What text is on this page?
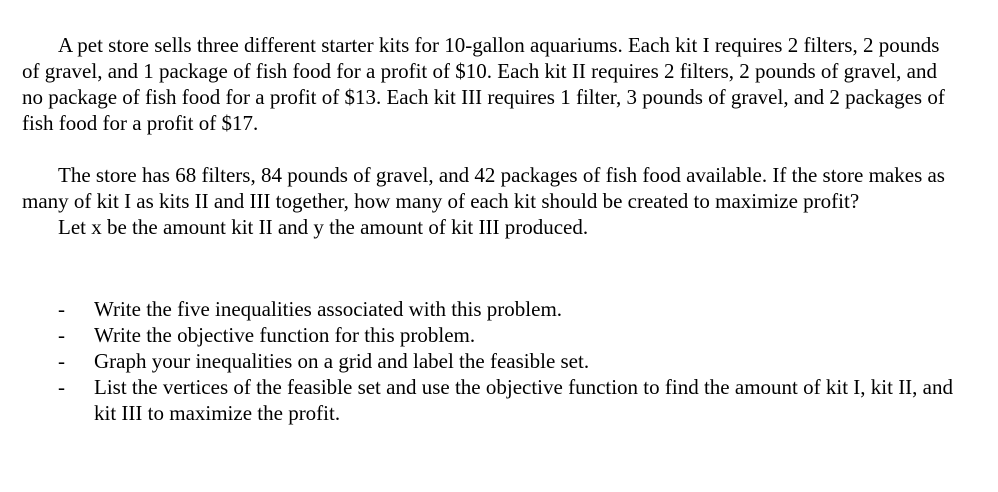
A pet store sells three different starter kits for 10-gallon aquariums. Each kit I requires 2 filters, 2 pounds of gravel, and 1 package of fish food for a profit of $10. Each kit II requires 2 filters, 2 pounds of gravel, and no package of fish food for a profit of $13. Each kit III requires 1 filter, 3 pounds of gravel, and 2 packages of fish food for a profit of $17.

The store has 68 filters, 84 pounds of gravel, and 42 packages of fish food available. If the store makes as many of kit I as kits II and III together, how many of each kit should be created to maximize profit?

Let x be the amount kit II and y the amount of kit III produced.

- Write the five inequalities associated with this problem.
- Write the objective function for this problem.
- Graph your inequalities on a grid and label the feasible set.
- List the vertices of the feasible set and use the objective function to find the amount of kit I, kit II, and kit III to maximize the profit.
